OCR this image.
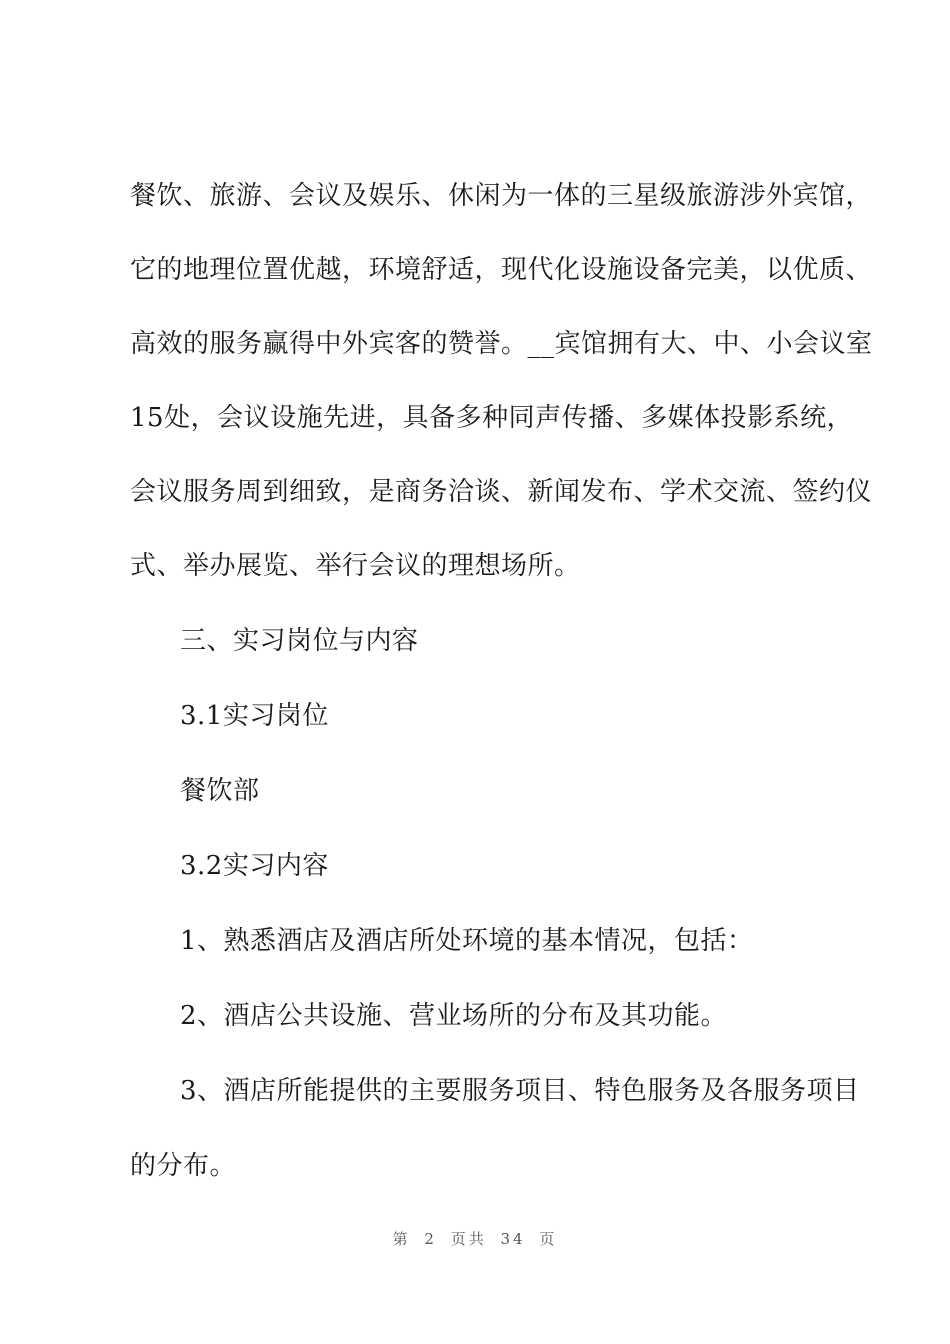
餐饮、旅游、会议及娱乐、休闲为一体的三星级旅游涉外宾馆，
它的地理位置优越，环境舒适，现代化设施设备完美，以优质、
高效的服务赢得中外宾客的赞誉。__宾馆拥有大、中、小会议室
15处，会议设施先进，具备多种同声传播、多媒体投影系统，
会议服务周到细致，是商务洽谈、新闻发布、学术交流、签约仪
式、举办展览、举行会议的理想场所。
三、实习岗位与内容
3.1实习岗位
餐饮部
3.2实习内容
1、熟悉酒店及酒店所处环境的基本情况，包括：
2、酒店公共设施、营业场所的分布及其功能。
3、酒店所能提供的主要服务项目、特色服务及各服务项目
的分布。
第 2 页共 34 页
